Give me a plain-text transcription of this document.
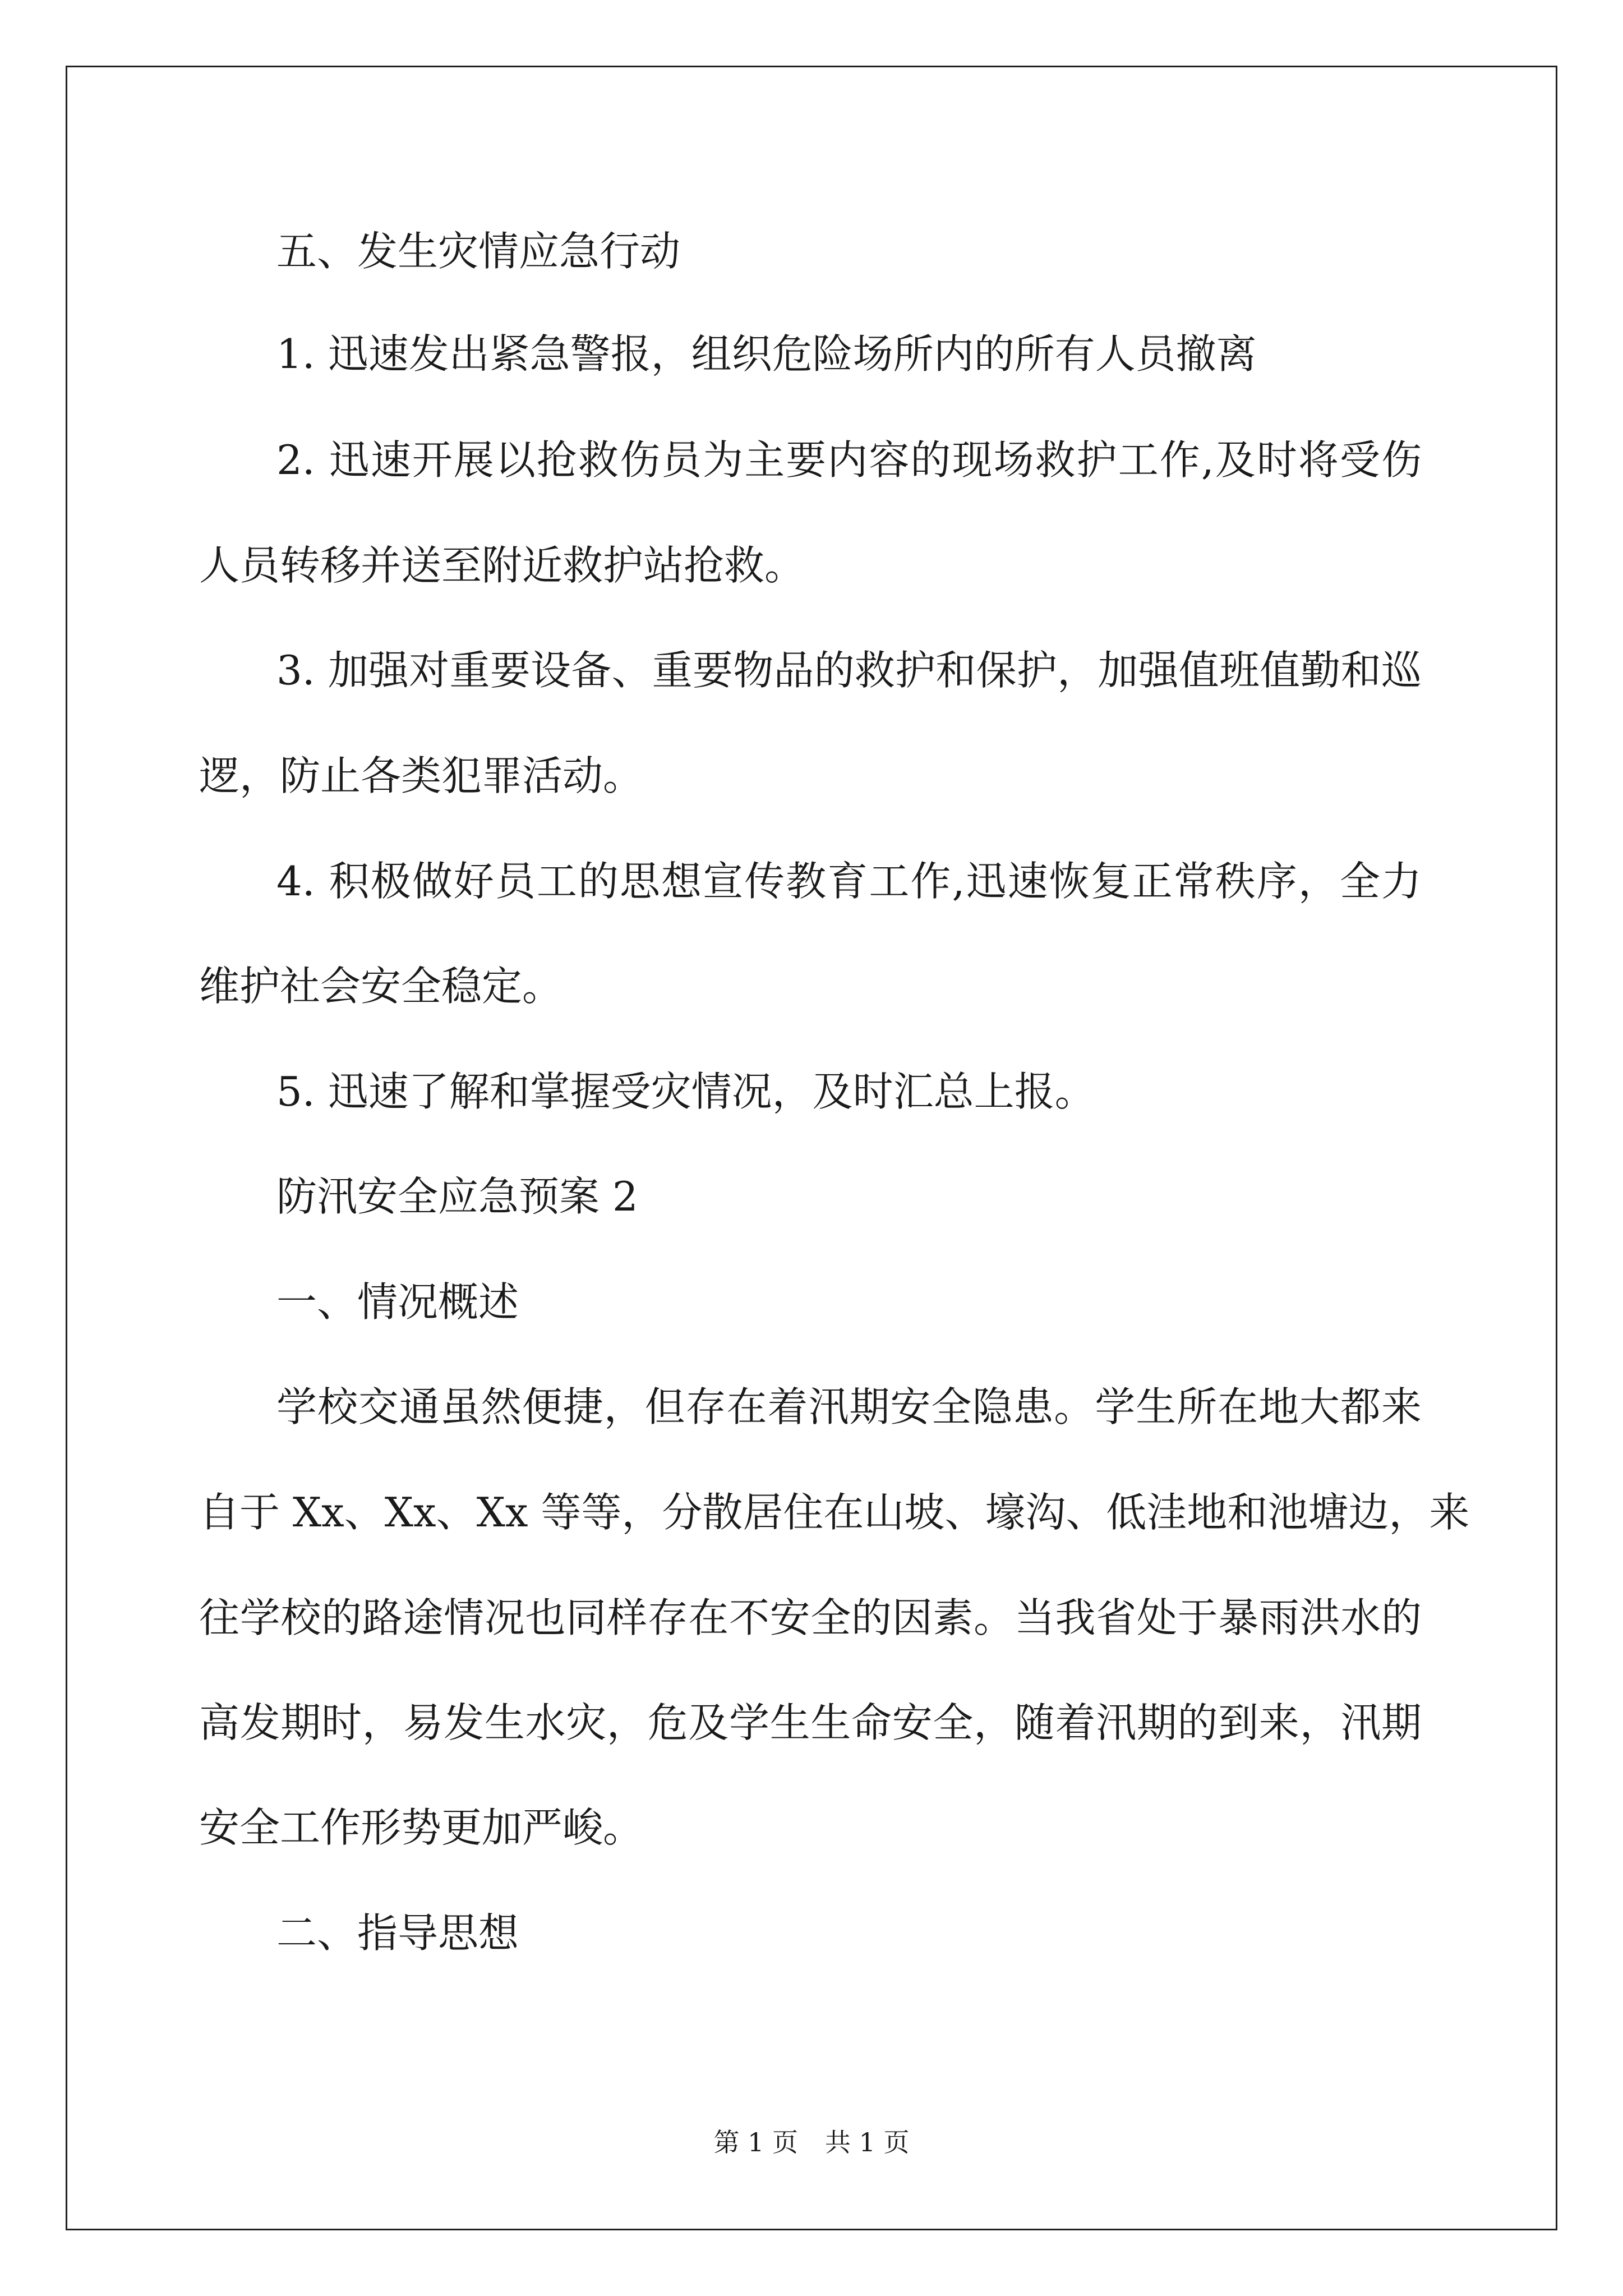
五、发生灾情应急行动
1. 迅速发出紧急警报，组织危险场所内的所有人员撤离
2. 迅速开展以抢救伤员为主要内容的现场救护工作,及时将受伤
人员转移并送至附近救护站抢救。
3. 加强对重要设备、重要物品的救护和保护，加强值班值勤和巡
逻，防止各类犯罪活动。
4. 积极做好员工的思想宣传教育工作,迅速恢复正常秩序，全力
维护社会安全稳定。
5. 迅速了解和掌握受灾情况，及时汇总上报。
防汛安全应急预案 2
一、情况概述
学校交通虽然便捷，但存在着汛期安全隐患。学生所在地大都来
自于 Xx、Xx、Xx 等等，分散居住在山坡、壕沟、低洼地和池塘边，来
往学校的路途情况也同样存在不安全的因素。当我省处于暴雨洪水的
高发期时，易发生水灾，危及学生生命安全，随着汛期的到来，汛期
安全工作形势更加严峻。
二、指导思想
第 1 页 共 1 页
